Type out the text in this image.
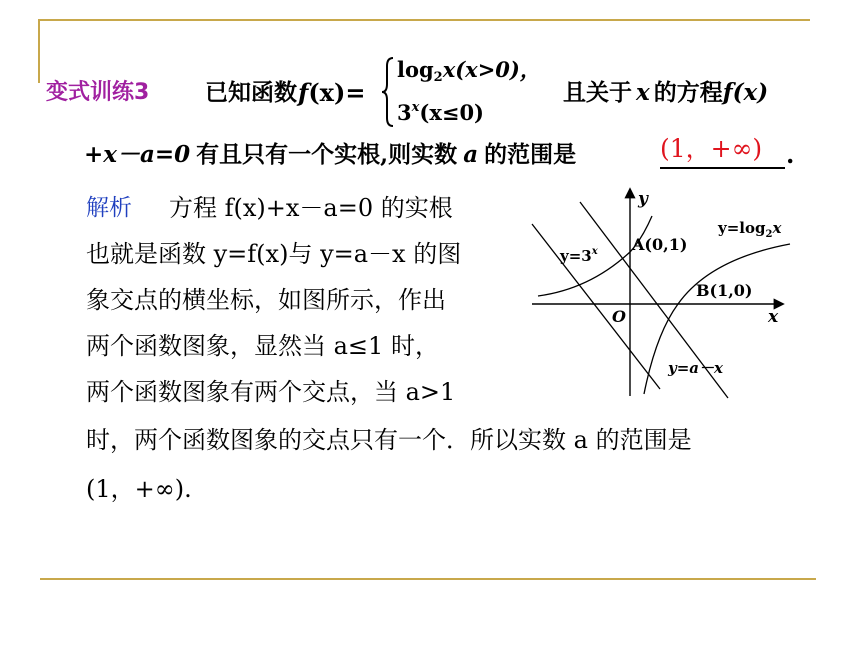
变式训练3 已知函数 f(x)=
$\log_2x(x>0)$，
$3^x(x\le 0)$
且关于 x 的方程f(x)
+x－a=0 有且只有一个实根,则实数 a 的范围是	(1，+∞) .
解析 方程 f(x)+x－a=0 的实根
也就是函数 y=f(x)与 y=a－x 的图
象交点的横坐标，如图所示，作出
两个函数图象，显然当 a≤1 时，
两个函数图象有两个交点，当 a>1
时，两个函数图象的交点只有一个．所以实数 a 的范围是
(1，+∞).
y
x
O
A(0,1)
B(1,0)
$y=3^x$
$y=\log_2x$
y=a－x
